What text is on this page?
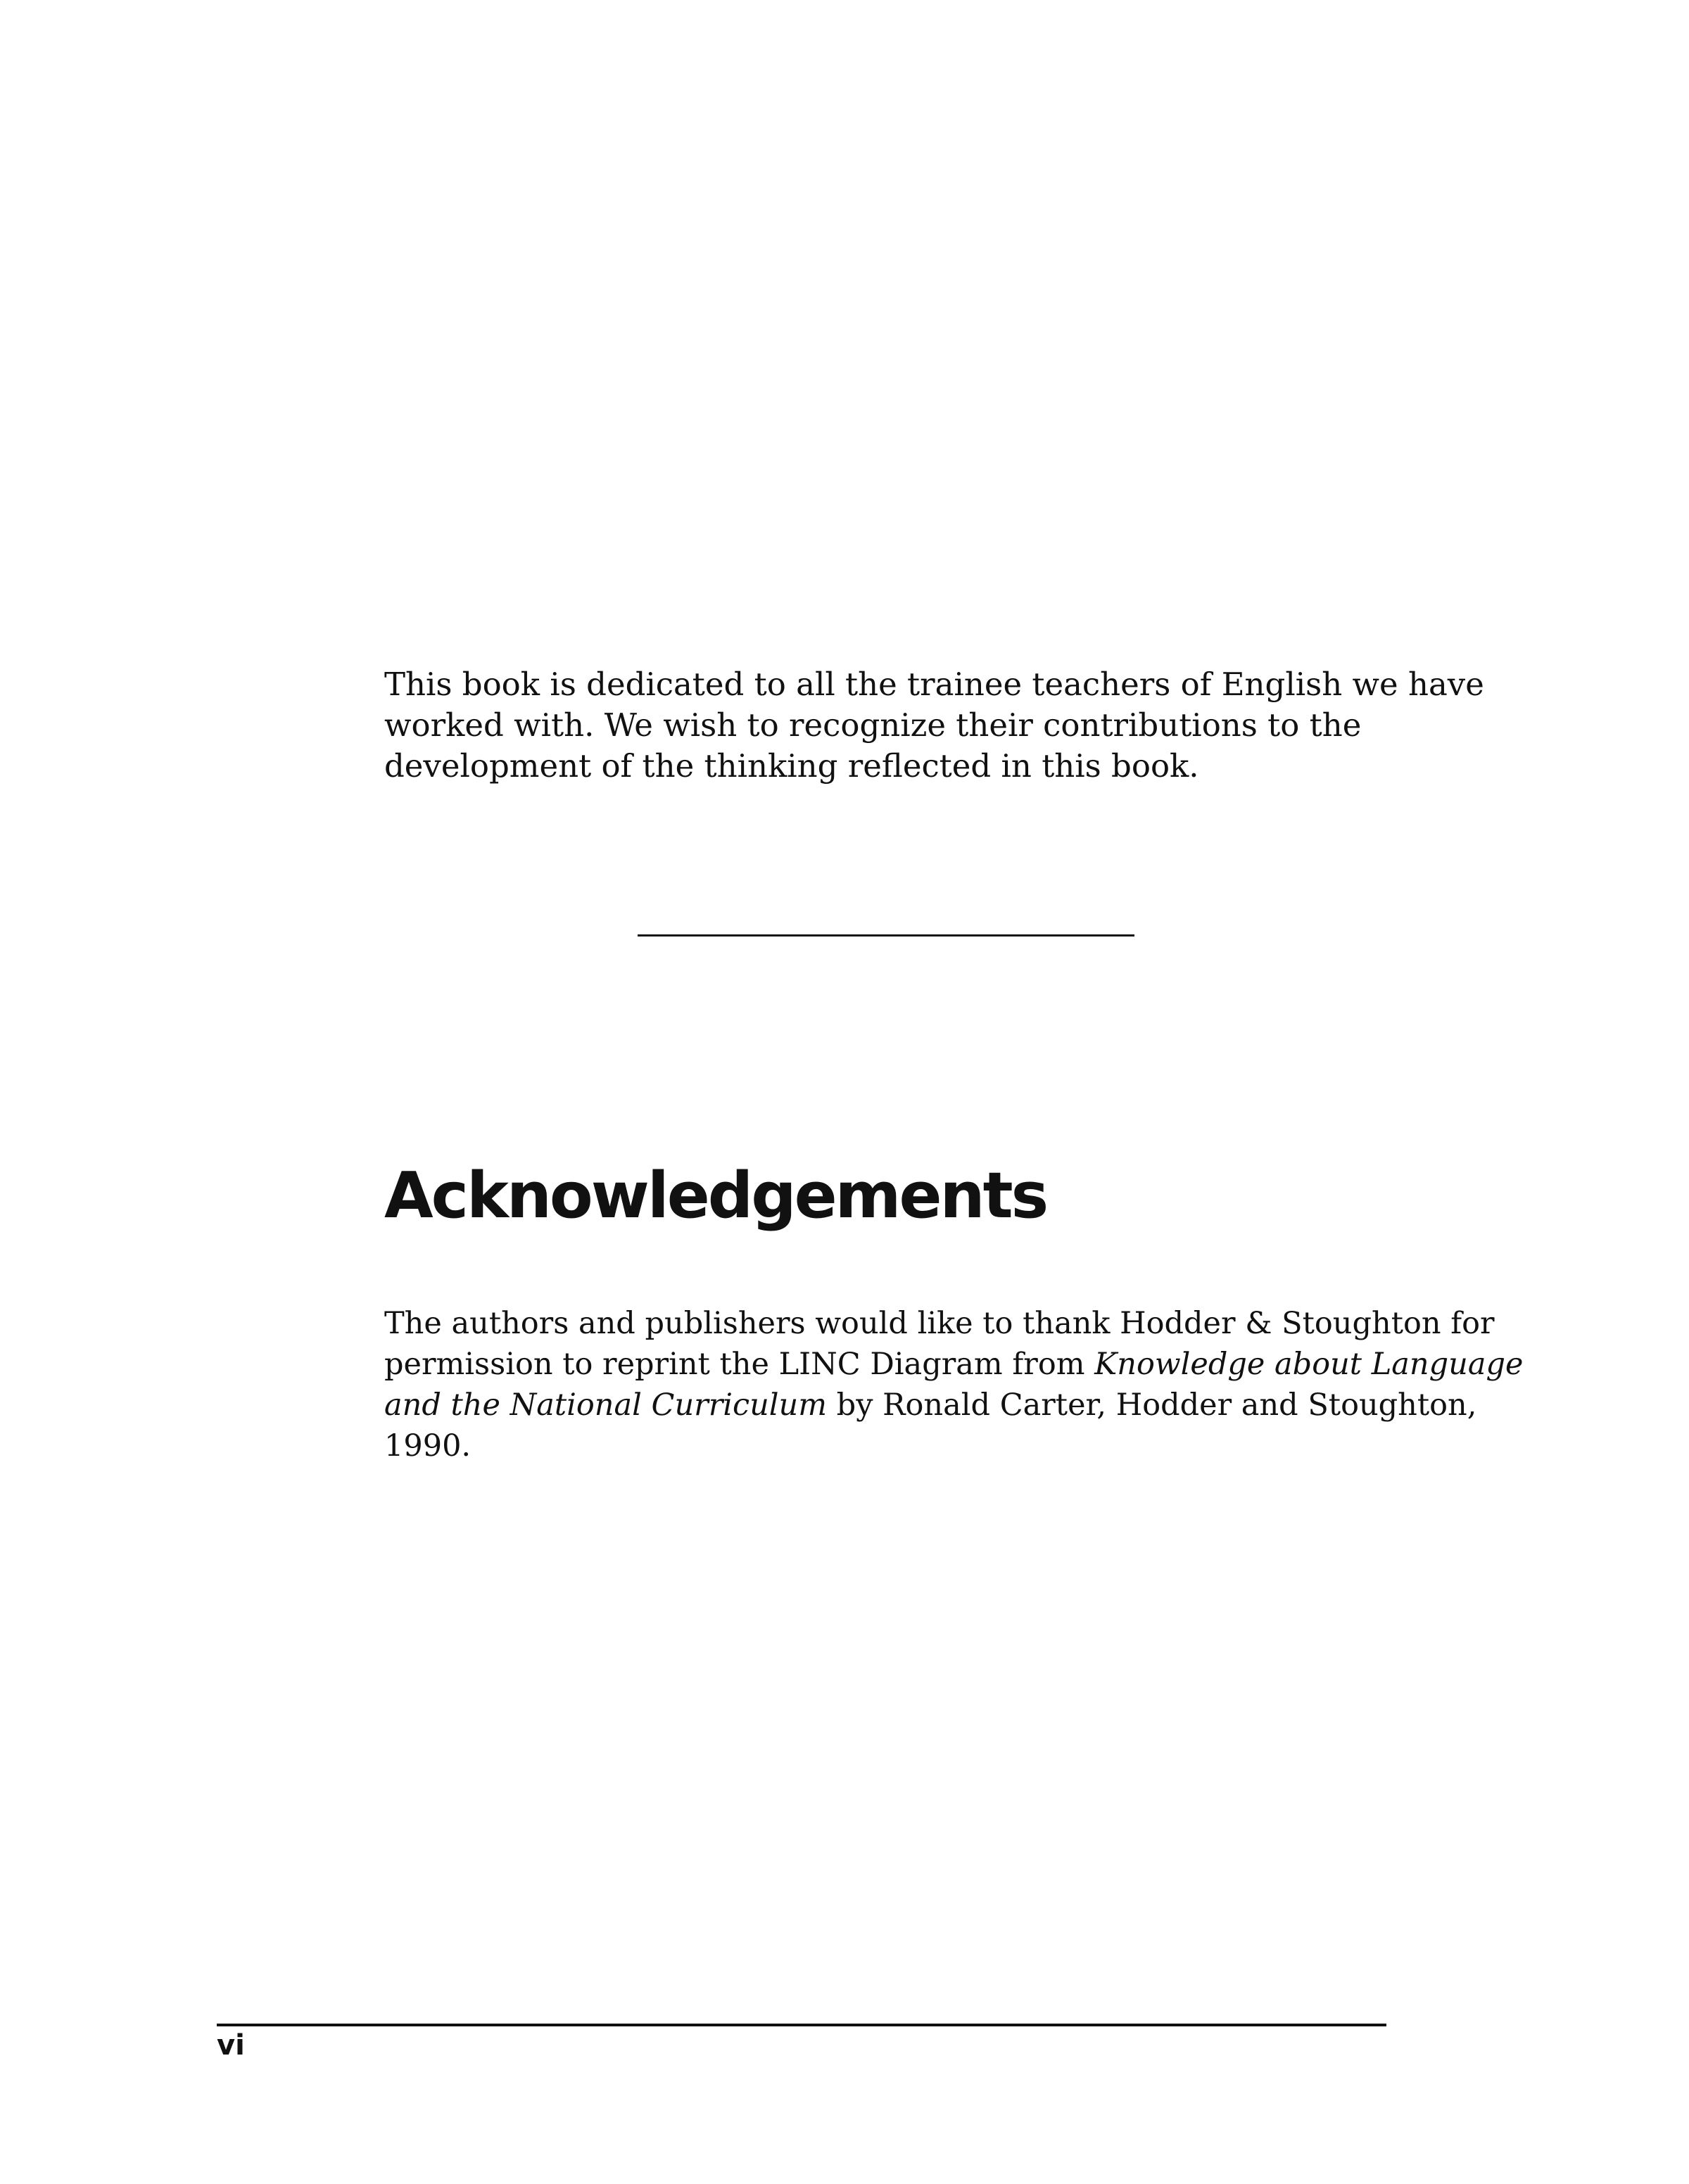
This book is dedicated to all the trainee teachers of English we have
worked with. We wish to recognize their contributions to the
development of the thinking reflected in this book.

Acknowledgements

The authors and publishers would like to thank Hodder & Stoughton for
permission to reprint the LINC Diagram from Knowledge about Language
and the National Curriculum by Ronald Carter, Hodder and Stoughton,
1990.

vi
